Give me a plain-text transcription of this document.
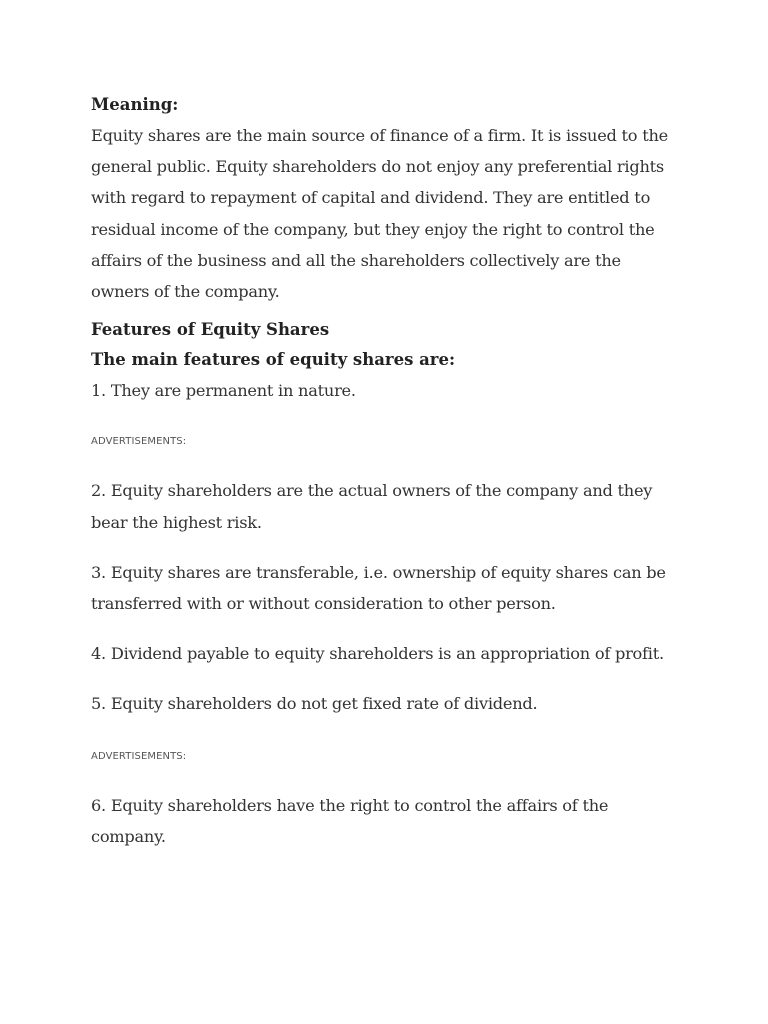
Meaning:

Equity shares are the main source of finance of a firm. It is issued to the general public. Equity shareholders do not enjoy any preferential rights with regard to repayment of capital and dividend. They are entitled to residual income of the company, but they enjoy the right to control the affairs of the business and all the shareholders collectively are the owners of the company.

Features of Equity Shares

The main features of equity shares are:

1. They are permanent in nature.

ADVERTISEMENTS:

2. Equity shareholders are the actual owners of the company and they bear the highest risk.

3. Equity shares are transferable, i.e. ownership of equity shares can be transferred with or without consideration to other person.

4. Dividend payable to equity shareholders is an appropriation of profit.

5. Equity shareholders do not get fixed rate of dividend.

ADVERTISEMENTS:

6. Equity shareholders have the right to control the affairs of the company.
